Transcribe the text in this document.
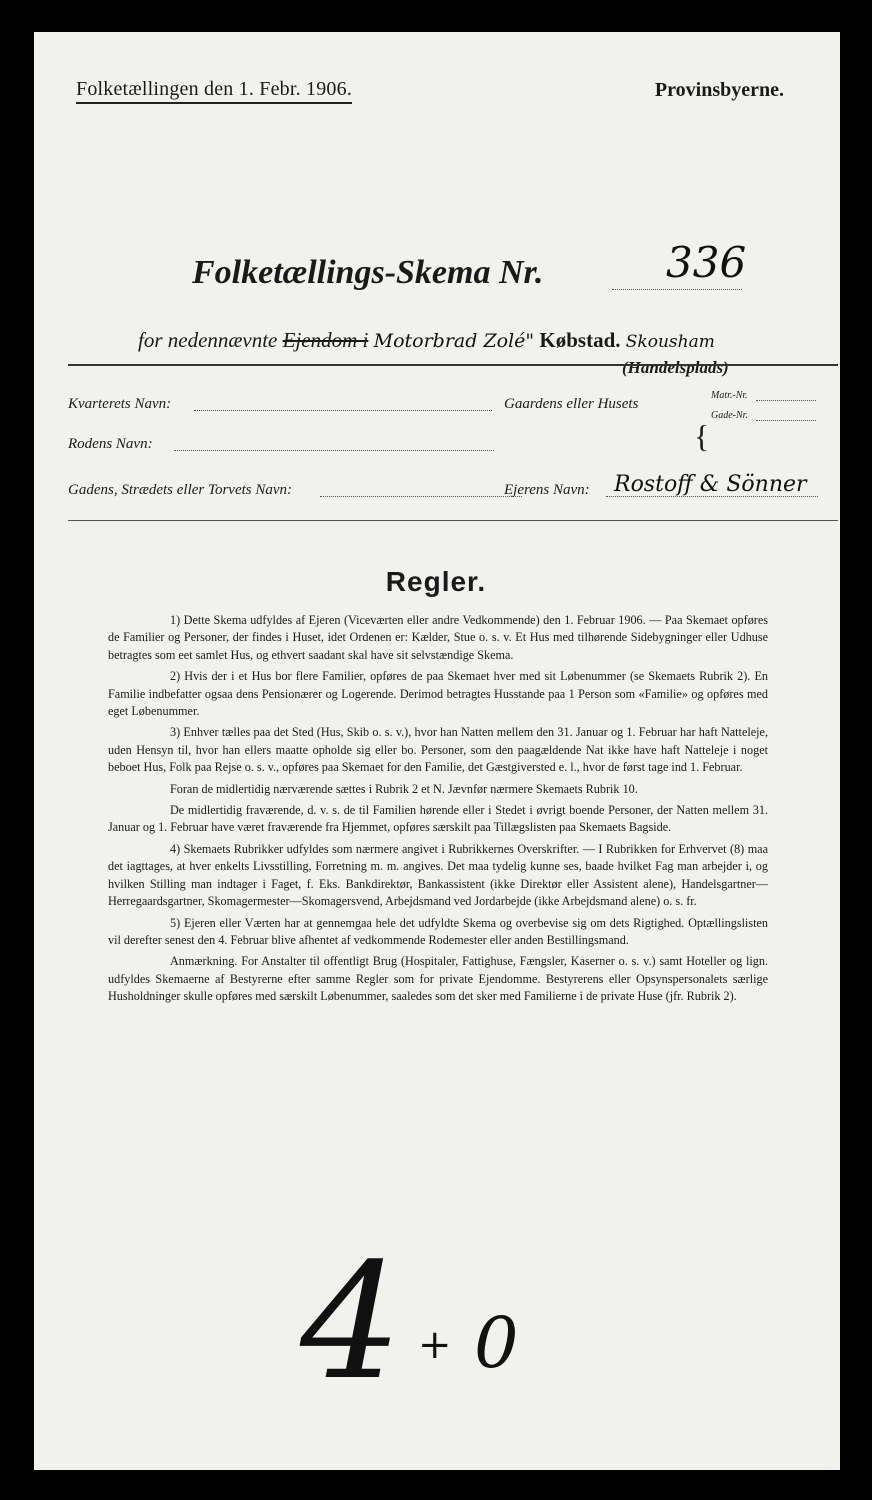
Folketællingen den 1. Febr. 1906.	Provinsbyerne.
Folketællings-Skema Nr.	336
for nedennævnte Ejendom i Motorbrad Zolé" Købstad. Skousham
(Handelsplads)
Kvarterets Navn:	Gaardens eller Husets
{
Matr.-Nr.
Gade-Nr.
Rodens Navn:
Gadens, Strædets eller Torvets Navn:	Ejerens Navn: Rostoff & Sönner
Regler.

1) Dette Skema udfyldes af Ejeren (Viceværten eller andre Vedkommende) den 1. Februar 1906. — Paa Skemaet opføres de Familier og Personer, der findes i Huset, idet Ordenen er: Kælder, Stue o. s. v. Et Hus med tilhørende Sidebygninger eller Udhuse betragtes som eet samlet Hus, og ethvert saadant skal have sit selvstændige Skema.

2) Hvis der i et Hus bor flere Familier, opføres de paa Skemaet hver med sit Løbenummer (se Skemaets Rubrik 2). En Familie indbefatter ogsaa dens Pensionærer og Logerende. Derimod betragtes Husstande paa 1 Person som «Familie» og opføres med eget Løbenummer.

3) Enhver tælles paa det Sted (Hus, Skib o. s. v.), hvor han Natten mellem den 31. Januar og 1. Februar har haft Natteleje, uden Hensyn til, hvor han ellers maatte opholde sig eller bo. Personer, som den paagældende Nat ikke have haft Natteleje i noget beboet Hus, Folk paa Rejse o. s. v., opføres paa Skemaet for den Familie, det Gæstgiversted e. l., hvor de først tage ind 1. Februar.

Foran de midlertidig nærværende sættes i Rubrik 2 et N. Jævnfør nærmere Skemaets Rubrik 10.

De midlertidig fraværende, d. v. s. de til Familien hørende eller i Stedet i øvrigt boende Personer, der Natten mellem 31. Januar og 1. Februar have været fraværende fra Hjemmet, opføres særskilt paa Tillægslisten paa Skemaets Bagside.

4) Skemaets Rubrikker udfyldes som nærmere angivet i Rubrikkernes Overskrifter. — I Rubrikken for Erhvervet (8) maa det iagttages, at hver enkelts Livsstilling, Forretning m. m. angives. Det maa tydelig kunne ses, baade hvilket Fag man arbejder i, og hvilken Stilling man indtager i Faget, f. Eks. Bankdirektør, Bankassistent (ikke Direktør eller Assistent alene), Handelsgartner—Herregaardsgartner, Skomagermester—Skomagersvend, Arbejdsmand ved Jordarbejde (ikke Arbejdsmand alene) o. s. fr.

5) Ejeren eller Værten har at gennemgaa hele det udfyldte Skema og overbevise sig om dets Rigtighed. Optællingslisten vil derefter senest den 4. Februar blive afhentet af vedkommende Rodemester eller anden Bestillingsmand.

Anmærkning. For Anstalter til offentligt Brug (Hospitaler, Fattighuse, Fængsler, Kaserner o. s. v.) samt Hoteller og lign. udfyldes Skemaerne af Bestyrerne efter samme Regler som for private Ejendomme. Bestyrerens eller Opsynspersonalets særlige Husholdninger skulle opføres med særskilt Løbenummer, saaledes som det sker med Familierne i de private Huse (jfr. Rubrik 2).

4 + 0
